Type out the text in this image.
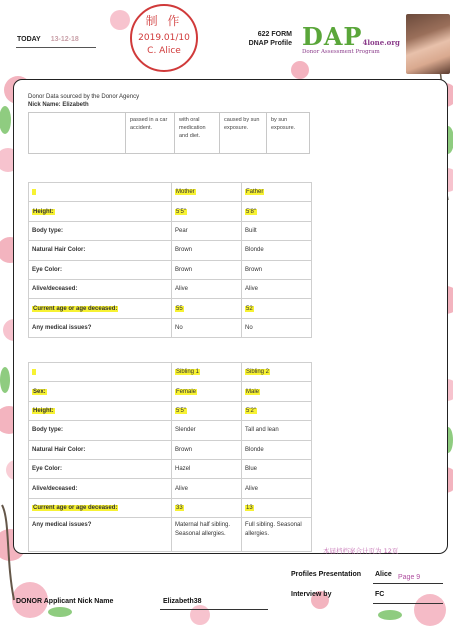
TODAY 13-12-18
制 作
2019.01/10
C. Alice
622 FORM
DNAP Profile DAP4lone.org
Donor Assessment Program
Donor Data sourced by the Donor Agency
Nick Name: Elizabeth
	passed in a car accident.	with oral medication and diet.	caused by sun exposure.	by sun exposure.
	Mother	Father
Height:	5'5"	5'8"
Body type:	Pear	Built
Natural Hair Color:	Brown	Blonde
Eye Color:	Brown	Brown
Alive/deceased:	Alive	Alive
Current age or age deceased:	55	52
Any medical issues?	No	No
	Sibling 1	Sibling 2
Sex:	Female	Male
Height:	5'5"	5'2"
Body type:	Slender	Tall and lean
Natural Hair Color:	Brown	Blonde
Eye Color:	Hazel	Blue
Alive/deceased:	Alive	Alive
Current age or age deceased:	33	13
Any medical issues?	Maternal half sibling. Seasonal allergies.	Full sibling. Seasonal allergies.
本届档档案合计页为 12页
Profiles Presentation Alice Page 9
Interview by	FC
DONOR Applicant Nick Name	Elizabeth38
